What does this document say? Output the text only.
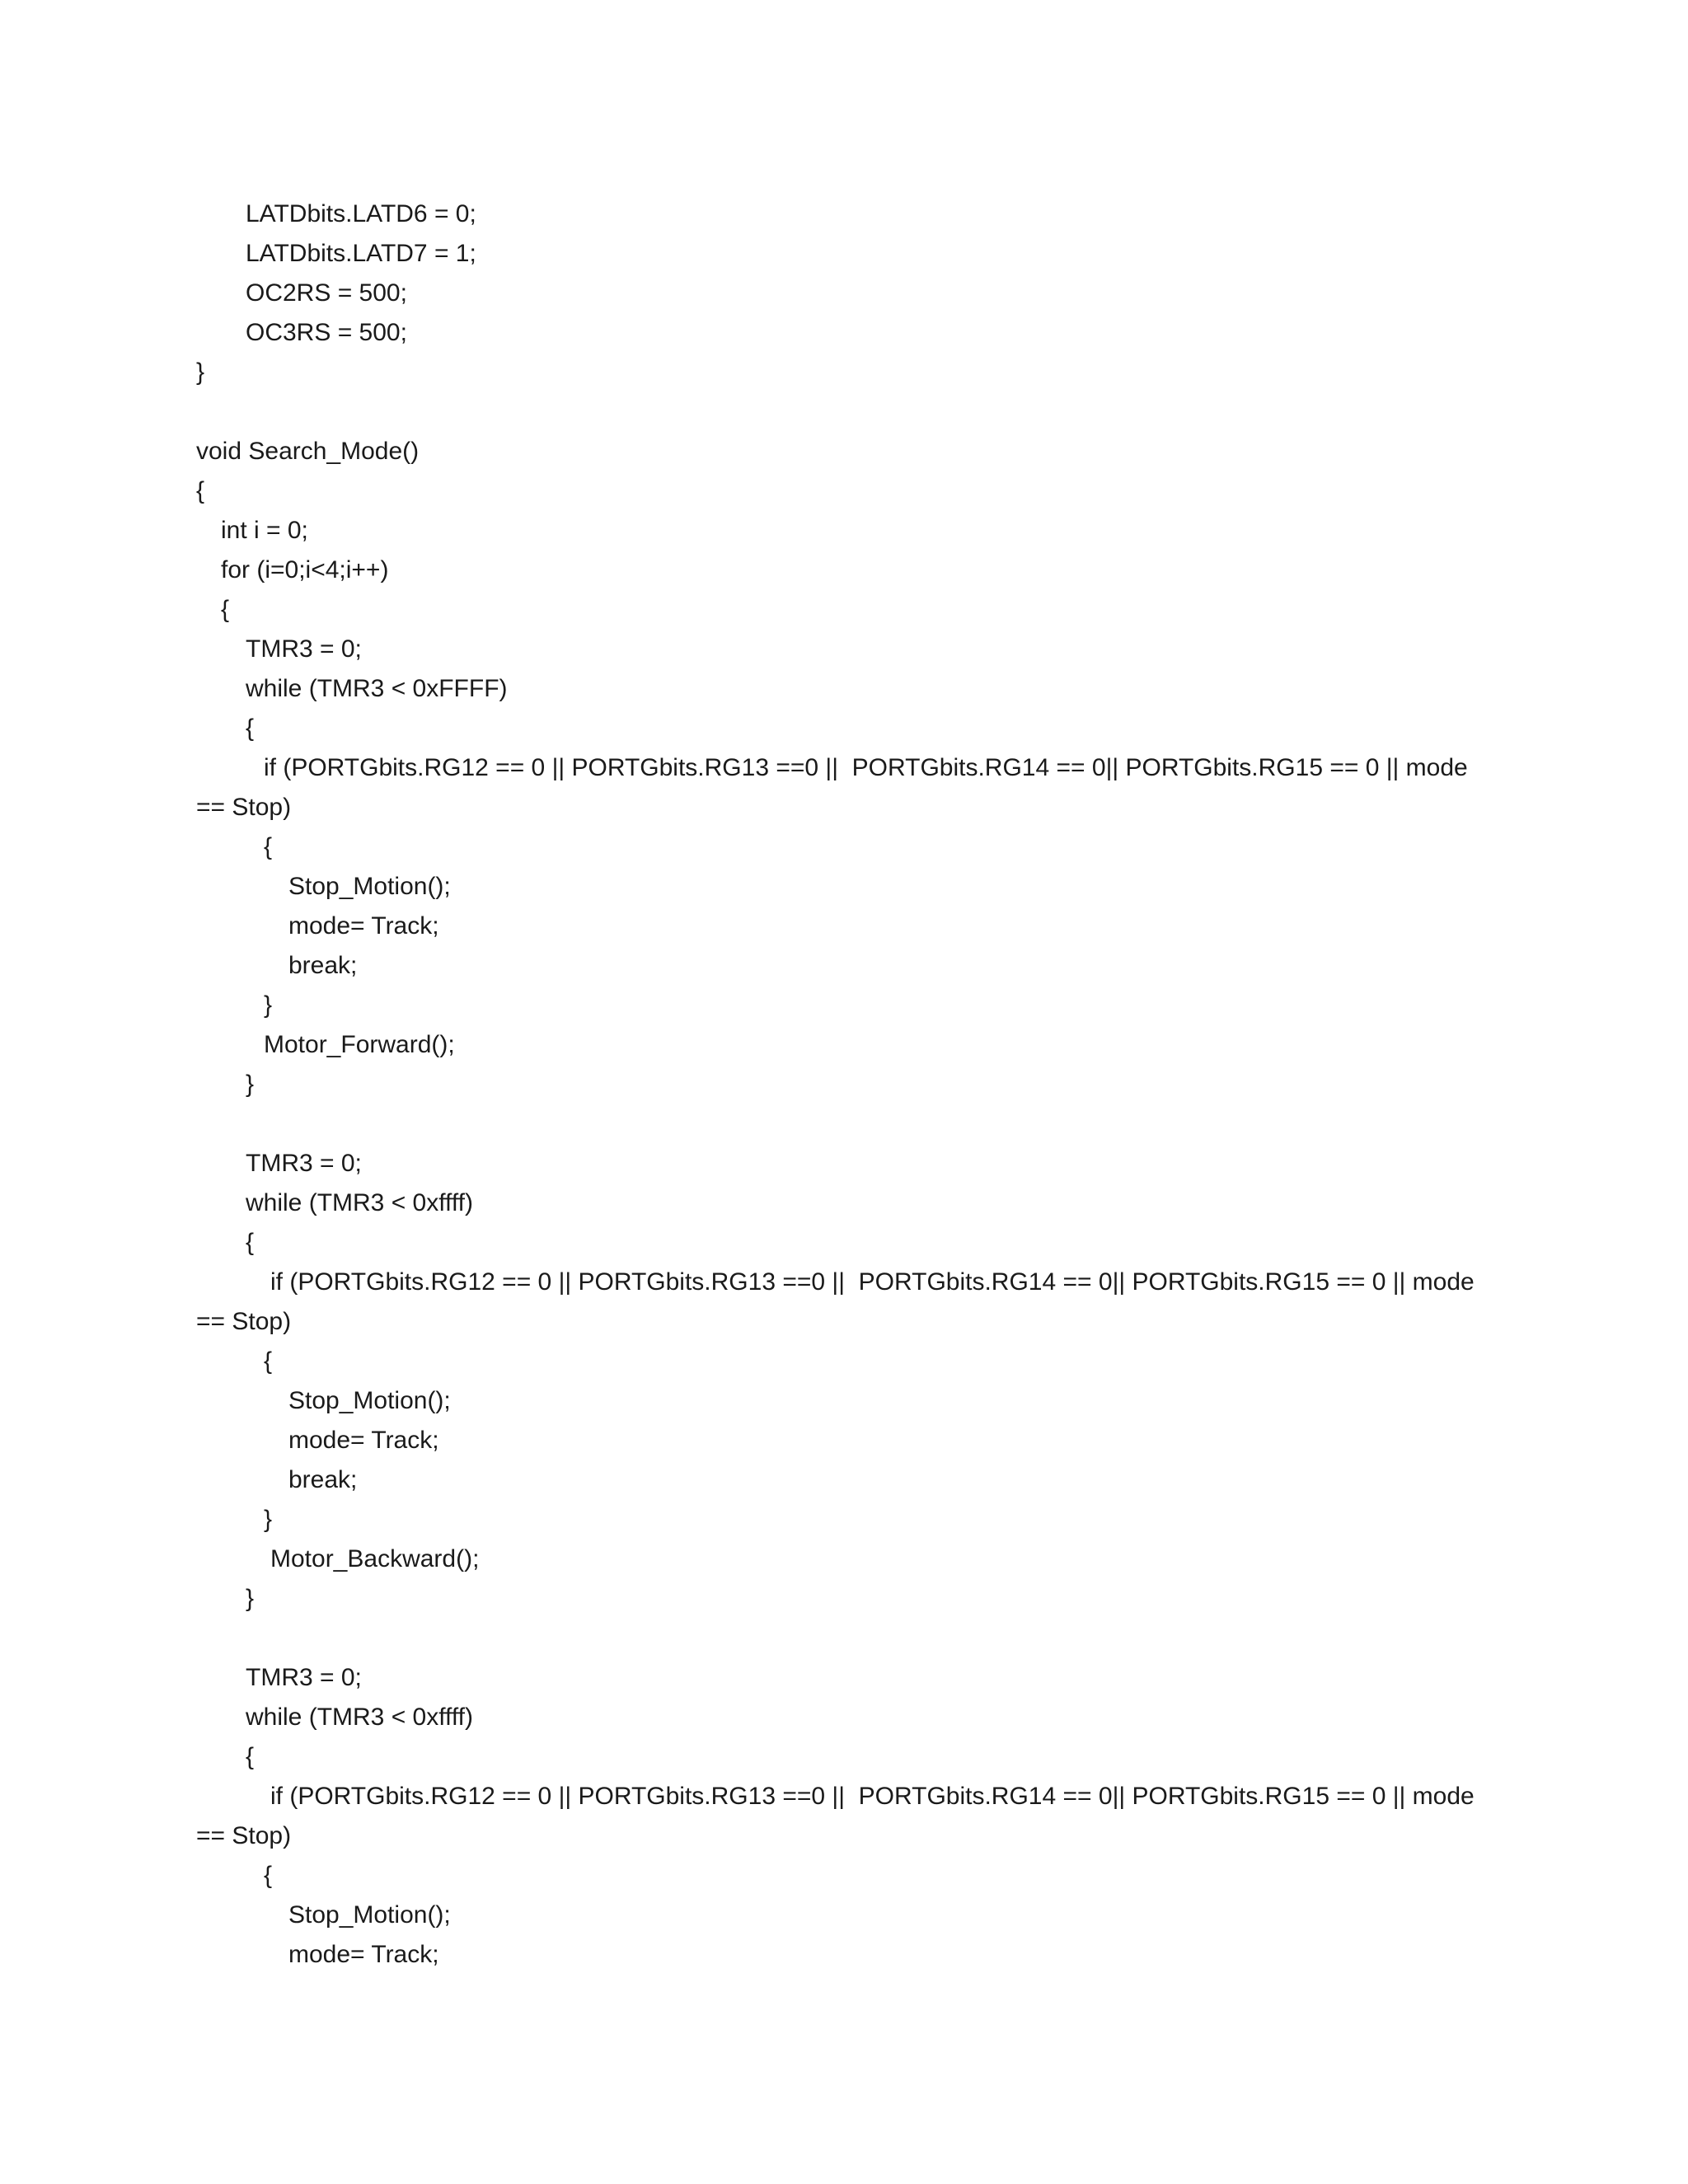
LATDbits.LATD6 = 0;
LATDbits.LATD7 = 1;
OC2RS = 500;
OC3RS = 500;
}
void Search_Mode()
{
int i = 0;
for (i=0;i<4;i++)
{
TMR3 = 0;
while (TMR3 < 0xFFFF)
{
if (PORTGbits.RG12 == 0 || PORTGbits.RG13 ==0 ||  PORTGbits.RG14 == 0|| PORTGbits.RG15 == 0 || mode
== Stop)
{
Stop_Motion();
mode= Track;
break;
}
Motor_Forward();
}
TMR3 = 0;
while (TMR3 < 0xffff)
{
if (PORTGbits.RG12 == 0 || PORTGbits.RG13 ==0 ||  PORTGbits.RG14 == 0|| PORTGbits.RG15 == 0 || mode
== Stop)
{
Stop_Motion();
mode= Track;
break;
}
Motor_Backward();
}
TMR3 = 0;
while (TMR3 < 0xffff)
{
if (PORTGbits.RG12 == 0 || PORTGbits.RG13 ==0 ||  PORTGbits.RG14 == 0|| PORTGbits.RG15 == 0 || mode
== Stop)
{
Stop_Motion();
mode= Track;
